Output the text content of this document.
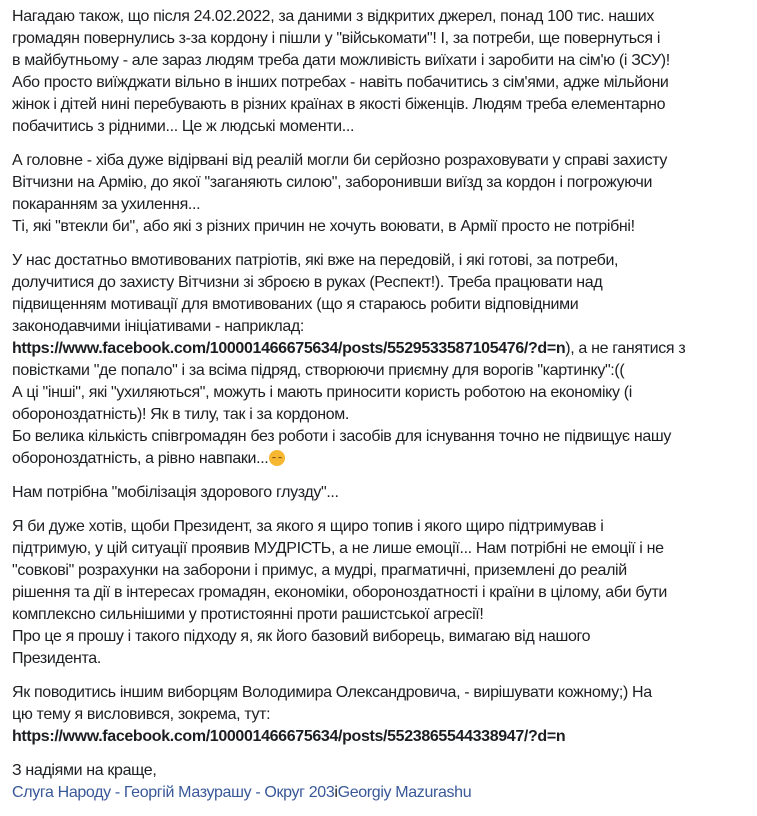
Нагадаю також, що після 24.02.2022, за даними з відкритих джерел, понад 100 тис. наших
громадян повернулись з-за кордону і пішли у "військомати"! І, за потреби, ще повернуться і
в майбутньому - але зараз людям треба дати можливість виїхати і заробити на сім'ю (і ЗСУ)!
Або просто виїжджати вільно в інших потребах - навіть побачитись з сім'ями, адже мільйони
жінок і дітей нині перебувають в різних країнах в якості біженців. Людям треба елементарно
побачитись з рідними... Це ж людські моменти...
А головне - хіба дуже відірвані від реалій могли би серйозно розраховувати у справі захисту
Вітчизни на Армію, до якої "заганяють силою", заборонивши виїзд за кордон і погрожуючи
покаранням за ухилення...
Ті, які "втекли би", або які з різних причин не хочуть воювати, в Армії просто не потрібні!
У нас достатньо вмотивованих патріотів, які вже на передовій, і які готові, за потреби,
долучитися до захисту Вітчизни зі зброєю в руках (Респект!). Треба працювати над
підвищенням мотивації для вмотивованих (що я стараюсь робити відповідними
законодавчими ініціативами - наприклад:
https://www.facebook.com/100001466675634/posts/5529533587105476/?d=n), а не ганятися з
повістками "де попало" і за всіма підряд, створюючи приємну для ворогів "картинку":((
А ці "інші", які "ухиляються", можуть і мають приносити користь роботою на економіку (і
обороноздатність)! Як в тилу, так і за кордоном.
Бо велика кількість співгромадян без роботи і засобів для існування точно не підвищує нашу
обороноздатність, а рівно навпаки...
Нам потрібна "мобілізація здорового глузду"...
Я би дуже хотів, щоби Президент, за якого я щиро топив і якого щиро підтримував і
підтримую, у цій ситуації проявив МУДРІСТЬ, а не лише емоції... Нам потрібні не емоції і не
"совкові" розрахунки на заборони і примус, а мудрі, прагматичні, приземлені до реалій
рішення та дії в інтересах громадян, економіки, обороноздатності і країни в цілому, аби бути
комплексно сильнішими у протистоянні проти рашистської агресії!
Про це я прошу і такого підходу я, як його базовий виборець, вимагаю від нашого
Президента.
Як поводитись іншим виборцям Володимира Олександровича, - вирішувати кожному;) На
цю тему я висловився, зокрема, тут:
https://www.facebook.com/100001466675634/posts/5523865544338947/?d=n
З надіями на краще,
Слуга Народу - Георгій Мазурашу - Округ 203іGeorgiy Mazurashu
